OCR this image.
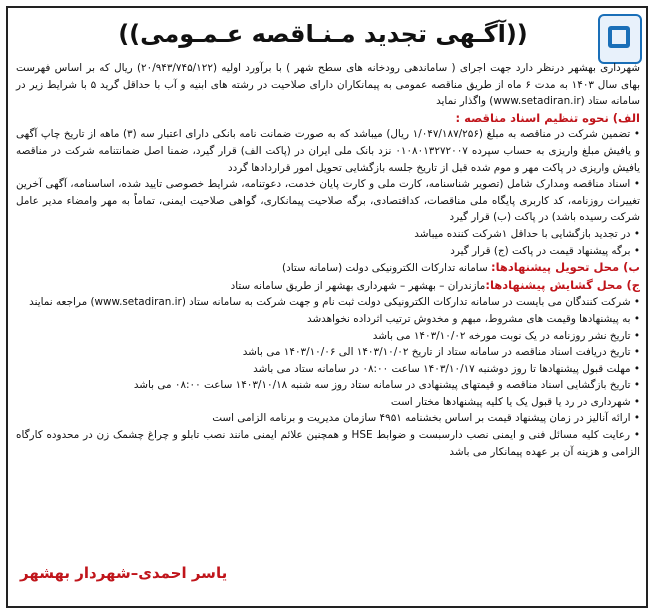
((آگـهی تجدید مـنـاقصه عـمـومی))

شهرداری بهشهر درنظر دارد جهت اجرای ( ساماندهی رودخانه های سطح شهر ) با برآورد اولیه (۲۰/۹۴۳/۷۴۵/۱۲۲) ریال که بر اساس فهرست بهای سال ۱۴۰۳ به مدت ۶ ماه از طریق مناقصه عمومی به پیمانکاران دارای صلاحیت در رشته های ابنیه و آب با حداقل گرید ۵ با شرایط زیر در سامانه ستاد (www.setadiran.ir) واگذار نماید

الف) نحوه تنظیم اسناد مناقصه :

• تضمین شرکت در مناقصه به مبلغ (۱/۰۴۷/۱۸۷/۲۵۶ ریال) میباشد که به صورت ضمانت نامه بانکی دارای اعتبار سه (۳) ماهه از تاریخ چاپ آگهی و یافیش مبلغ واریزی به حساب سپرده ۰۱۰۸۰۱۳۲۷۲۰۰۷ نزد بانک ملی ایران در (پاکت الف) قرار گیرد، ضمنا اصل ضمانتنامه شرکت در مناقصه یافیش واریزی در پاکت مهر و موم شده قبل از تاریخ جلسه بازگشایی تحویل امور قراردادها گردد

• اسناد مناقصه ومدارک شامل (تصویر شناسنامه، کارت ملی و کارت پایان خدمت، دعوتنامه، شرایط خصوصی تایید شده، اساسنامه، آگهی آخرین تغییرات روزنامه، کد کاربری پایگاه ملی مناقصات، کداقتصادی، برگه صلاحیت پیمانکاری، گواهی صلاحیت ایمنی، تماماً به مهر وامضاء مدیر عامل شرکت رسیده باشد) در پاکت (ب) قرار گیرد

• در تجدید بازگشایی با حداقل ۱شرکت کننده میباشد

• برگه پیشنهاد قیمت در پاکت (ج) قرار گیرد

ب) محل تحویل پیشنهادها: سامانه تدارکات الکترونیکی دولت (سامانه ستاد)

ج) محل گشایش پیشنهادها:مازندران – بهشهر – شهرداری بهشهر از طریق سامانه ستاد

• شرکت کنندگان می بایست در سامانه تدارکات الکترونیکی دولت ثبت نام و جهت شرکت به سامانه ستاد (www.setadiran.ir) مراجعه نمایند

• به پیشنهادها وقیمت های مشروط، مبهم و مخدوش ترتیب اثرداده نخواهدشد

• تاریخ نشر روزنامه در یک نوبت مورخه ۱۴۰۳/۱۰/۰۲ می باشد

• تاریخ دریافت اسناد مناقصه در سامانه ستاد از تاریخ ۱۴۰۳/۱۰/۰۲ الی ۱۴۰۳/۱۰/۰۶ می باشد

• مهلت قبول پیشنهادها تا روز دوشنبه ۱۴۰۳/۱۰/۱۷ ساعت ۰۸:۰۰ در سامانه ستاد می باشد

• تاریخ بازگشایی اسناد مناقصه و قیمتهای پیشنهادی در سامانه ستاد روز سه شنبه ۱۴۰۳/۱۰/۱۸ ساعت ۰۸:۰۰ می باشد

• شهرداری در رد یا قبول یک یا کلیه پیشنهادها مختار است

• ارائه آنالیز در زمان پیشنهاد قیمت بر اساس بخشنامه ۴۹۵۱ سازمان مدیریت و برنامه الزامی است

• رعایت کلیه مسائل فنی و ایمنی نصب دارسبست و ضوابط HSE و همچنین علائم ایمنی مانند نصب تابلو و چراغ چشمک زن در محدوده کارگاه الزامی و هزینه آن بر عهده پیمانکار می باشد

یاسر احمدی–شهردار بهشهر
